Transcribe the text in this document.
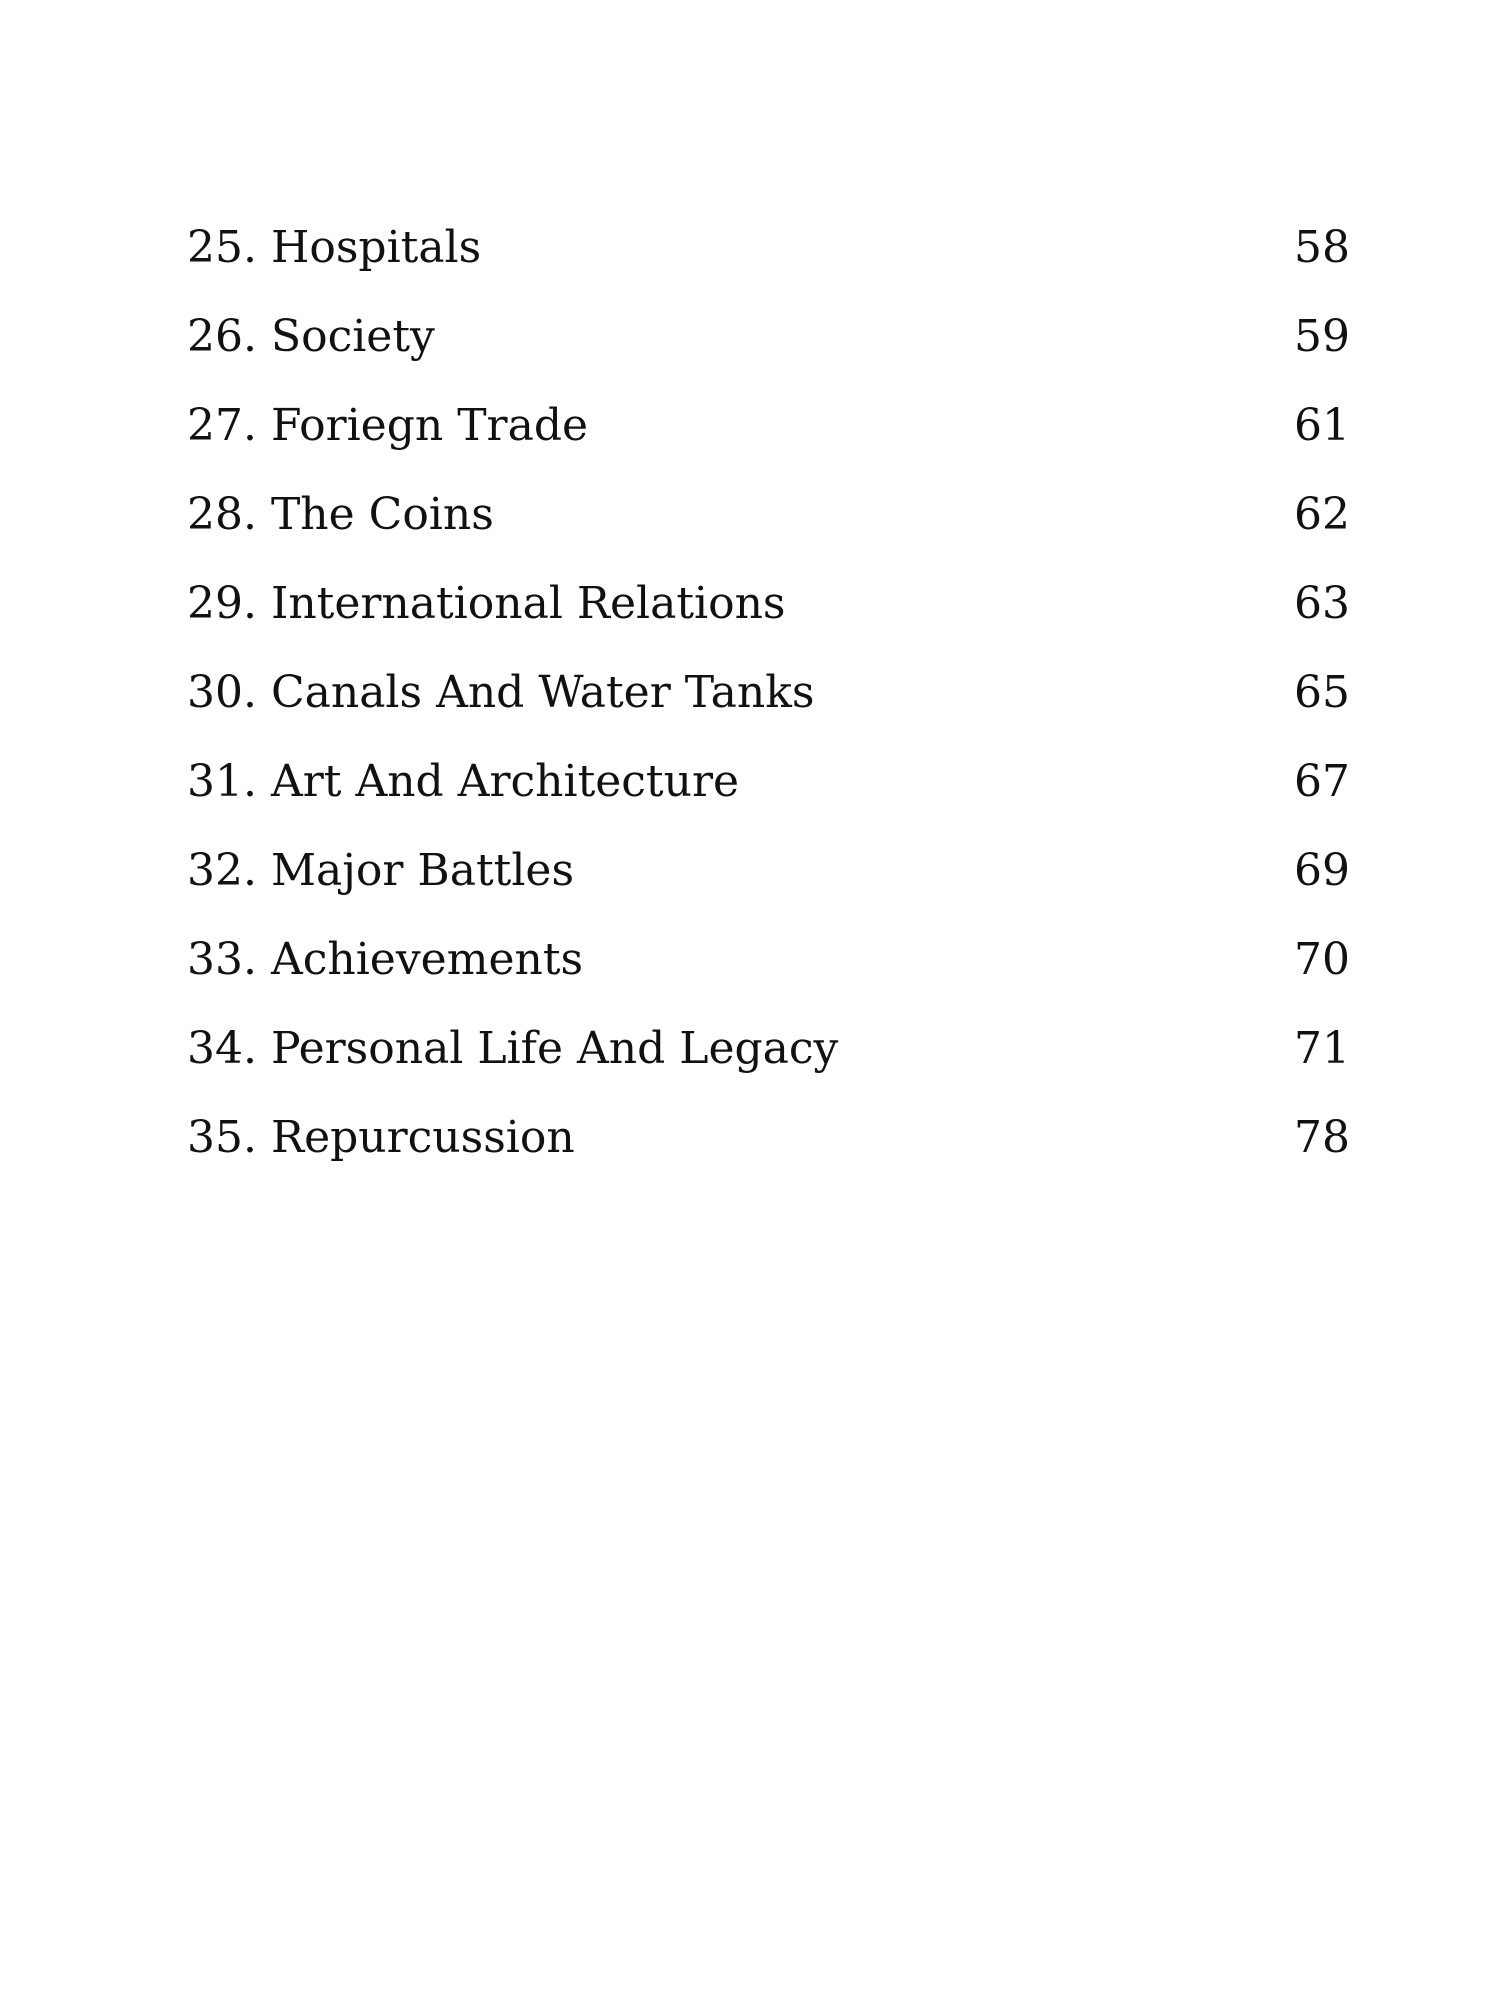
25. Hospitals	58
26. Society	59
27. Foriegn Trade	61
28. The Coins	62
29. International Relations	63
30. Canals And Water Tanks	65
31. Art And Architecture	67
32. Major Battles	69
33. Achievements	70
34. Personal Life And Legacy	71
35. Repurcussion	78
